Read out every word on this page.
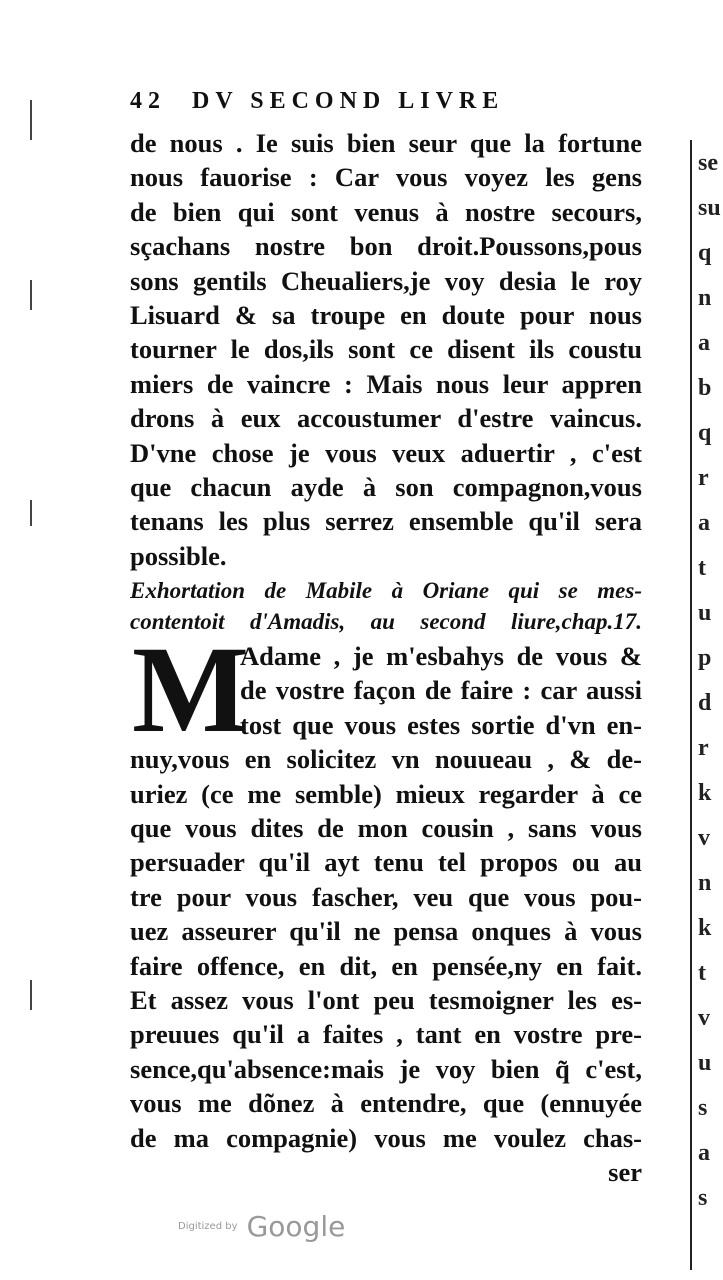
42 DV SECOND LIVRE
de nous . Ie suis bien seur que la fortune
nous fauorise : Car vous voyez les gens
de bien qui sont venus à nostre secours,
sçachans nostre bon droit.Poussons,pous
sons gentils Cheualiers,je voy desia le roy
Lisuard & sa troupe en doute pour nous
tourner le dos,ils sont ce disent ils coustu
miers de vaincre : Mais nous leur appren
drons à eux accoustumer d'estre vaincus.
D'vne chose je vous veux aduertir , c'est
que chacun ayde à son compagnon,vous
tenans les plus serrez ensemble qu'il sera
possible.
Exhortation de Mabile à Oriane qui se mes-
contentoit d'Amadis, au second liure,chap.17.
M
Adame , je m'esbahys de vous &
de vostre façon de faire : car aussi
tost que vous estes sortie d'vn en-
nuy,vous en solicitez vn nouueau , & de-
uriez (ce me semble) mieux regarder à ce
que vous dites de mon cousin , sans vous
persuader qu'il ayt tenu tel propos ou au
tre pour vous fascher, veu que vous pou-
uez asseurer qu'il ne pensa onques à vous
faire offence, en dit, en pensée,ny en fait.
Et assez vous l'ont peu tesmoigner les es-
preuues qu'il a faites , tant en vostre pre-
sence,qu'absence:mais je voy bien q̃ c'est,
vous me dõnez à entendre, que (ennuyée
de ma compagnie) vous me voulez chas-
ser
se
su
q
n
a
b
q
r
a
t
u
p
d
r
k
v
n
k
t
v
u
s
a
s
Digitized by Google
